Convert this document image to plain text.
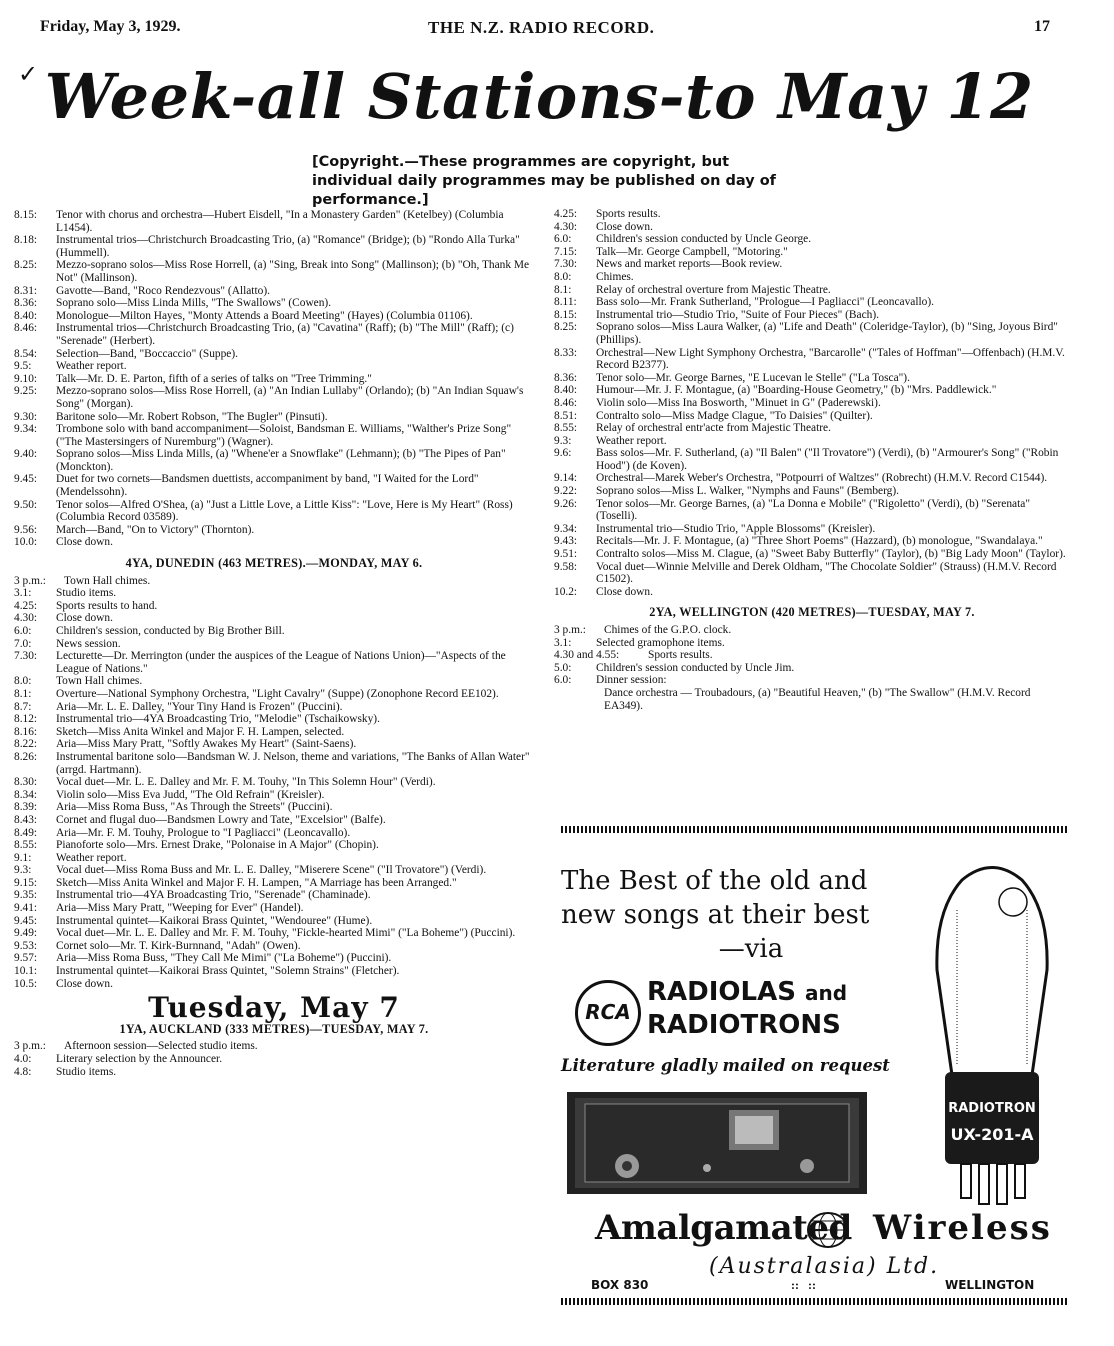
Friday, May 3, 1929.	THE N.Z. RADIO RECORD.	17
✓Week-all Stations-to May 12
[Copyright.—These programmes are copyright, but individual daily programmes may be published on day of performance.]
8.15: Tenor with chorus and orchestra—Hubert Eisdell, "In a Monastery Garden" (Ketelbey) (Columbia L1454).
8.18: Instrumental trios—Christchurch Broadcasting Trio, (a) "Romance" (Bridge); (b) "Rondo Alla Turka" (Hummell).
8.25: Mezzo-soprano solos—Miss Rose Horrell, (a) "Sing, Break into Song" (Mallinson); (b) "Oh, Thank Me Not" (Mallinson).
8.31: Gavotte—Band, "Roco Rendezvous" (Allatto).
8.36: Soprano solo—Miss Linda Mills, "The Swallows" (Cowen).
8.40: Monologue—Milton Hayes, "Monty Attends a Board Meeting" (Hayes) (Columbia 01106).
8.46: Instrumental trios—Christchurch Broadcasting Trio, (a) "Cavatina" (Raff); (b) "The Mill" (Raff); (c) "Serenade" (Herbert).
8.54: Selection—Band, "Boccaccio" (Suppe).
9.5: Weather report.
9.10: Talk—Mr. D. E. Parton, fifth of a series of talks on "Tree Trimming."
9.25: Mezzo-soprano solos—Miss Rose Horrell, (a) "An Indian Lullaby" (Orlando); (b) "An Indian Squaw's Song" (Morgan).
9.30: Baritone solo—Mr. Robert Robson, "The Bugler" (Pinsuti).
9.34: Trombone solo with band accompaniment—Soloist, Bandsman E. Williams, "Walther's Prize Song" ("The Mastersingers of Nuremburg") (Wagner).
9.40: Soprano solos—Miss Linda Mills, (a) "Whene'er a Snowflake" (Lehmann); (b) "The Pipes of Pan" (Monckton).
9.45: Duet for two cornets—Bandsmen duettists, accompaniment by band, "I Waited for the Lord" (Mendelssohn).
9.50: Tenor solos—Alfred O'Shea, (a) "Just a Little Love, a Little Kiss": "Love, Here is My Heart" (Ross) (Columbia Record 03589).
9.56: March—Band, "On to Victory" (Thornton).
10.0: Close down.
4YA, DUNEDIN (463 METRES).—MONDAY, MAY 6.
3 p.m.: Town Hall chimes.
3.1: Studio items.
4.25: Sports results to hand.
4.30: Close down.
6.0: Children's session, conducted by Big Brother Bill.
7.0: News session.
7.30: Lecturette—Dr. Merrington (under the auspices of the League of Nations Union)—"Aspects of the League of Nations."
8.0: Town Hall chimes.
8.1: Overture—National Symphony Orchestra, "Light Cavalry" (Suppe) (Zonophone Record EE102).
8.7: Aria—Mr. L. E. Dalley, "Your Tiny Hand is Frozen" (Puccini).
8.12: Instrumental trio—4YA Broadcasting Trio, "Melodie" (Tschaikowsky).
8.16: Sketch—Miss Anita Winkel and Major F. H. Lampen, selected.
8.22: Aria—Miss Mary Pratt, "Softly Awakes My Heart" (Saint-Saens).
8.26: Instrumental baritone solo—Bandsman W. J. Nelson, theme and variations, "The Banks of Allan Water" (arrgd. Hartmann).
8.30: Vocal duet—Mr. L. E. Dalley and Mr. F. M. Touhy, "In This Solemn Hour" (Verdi).
8.34: Violin solo—Miss Eva Judd, "The Old Refrain" (Kreisler).
8.39: Aria—Miss Roma Buss, "As Through the Streets" (Puccini).
8.43: Cornet and flugal duo—Bandsmen Lowry and Tate, "Excelsior" (Balfe).
8.49: Aria—Mr. F. M. Touhy, Prologue to "I Pagliacci" (Leoncavallo).
8.55: Pianoforte solo—Mrs. Ernest Drake, "Polonaise in A Major" (Chopin).
9.1: Weather report.
9.3: Vocal duet—Miss Roma Buss and Mr. L. E. Dalley, "Miserere Scene" ("Il Trovatore") (Verdi).
9.15: Sketch—Miss Anita Winkel and Major F. H. Lampen, "A Marriage has been Arranged."
9.35: Instrumental trio—4YA Broadcasting Trio, "Serenade" (Chaminade).
9.41: Aria—Miss Mary Pratt, "Weeping for Ever" (Handel).
9.45: Instrumental quintet—Kaikorai Brass Quintet, "Wendouree" (Hume).
9.49: Vocal duet—Mr. L. E. Dalley and Mr. F. M. Touhy, "Fickle-hearted Mimi" ("La Boheme") (Puccini).
9.53: Cornet solo—Mr. T. Kirk-Burnnand, "Adah" (Owen).
9.57: Aria—Miss Roma Buss, "They Call Me Mimi" ("La Boheme") (Puccini).
10.1: Instrumental quintet—Kaikorai Brass Quintet, "Solemn Strains" (Fletcher).
10.5: Close down.
Tuesday, May 7
1YA, AUCKLAND (333 METRES)—TUESDAY, MAY 7.
3 p.m.: Afternoon session—Selected studio items.
4.0: Literary selection by the Announcer.
4.8: Studio items.
4.25: Sports results.
4.30: Close down.
6.0: Children's session conducted by Uncle George.
7.15: Talk—Mr. George Campbell, "Motoring."
7.30: News and market reports—Book review.
8.0: Chimes.
8.1: Relay of orchestral overture from Majestic Theatre.
8.11: Bass solo—Mr. Frank Sutherland, "Prologue—I Pagliacci" (Leoncavallo).
8.15: Instrumental trio—Studio Trio, "Suite of Four Pieces" (Bach).
8.25: Soprano solos—Miss Laura Walker, (a) "Life and Death" (Coleridge-Taylor), (b) "Sing, Joyous Bird" (Phillips).
8.33: Orchestral—New Light Symphony Orchestra, "Barcarolle" ("Tales of Hoffman"—Offenbach) (H.M.V. Record B2377).
8.36: Tenor solo—Mr. George Barnes, "E Lucevan le Stelle" ("La Tosca").
8.40: Humour—Mr. J. F. Montague, (a) "Boarding-House Geometry," (b) "Mrs. Paddlewick."
8.46: Violin solo—Miss Ina Bosworth, "Minuet in G" (Paderewski).
8.51: Contralto solo—Miss Madge Clague, "To Daisies" (Quilter).
8.55: Relay of orchestral entr'acte from Majestic Theatre.
9.3: Weather report.
9.6: Bass solos—Mr. F. Sutherland, (a) "Il Balen" ("Il Trovatore") (Verdi), (b) "Armourer's Song" ("Robin Hood") (de Koven).
9.14: Orchestral—Marek Weber's Orchestra, "Potpourri of Waltzes" (Robrecht) (H.M.V. Record C1544).
9.22: Soprano solos—Miss L. Walker, "Nymphs and Fauns" (Bemberg).
9.26: Tenor solos—Mr. George Barnes, (a) "La Donna e Mobile" ("Rigoletto" (Verdi), (b) "Serenata" (Toselli).
9.34: Instrumental trio—Studio Trio, "Apple Blossoms" (Kreisler).
9.43: Recitals—Mr. J. F. Montague, (a) "Three Short Poems" (Hazzard), (b) monologue, "Swandalaya."
9.51: Contralto solos—Miss M. Clague, (a) "Sweet Baby Butterfly" (Taylor), (b) "Big Lady Moon" (Taylor).
9.58: Vocal duet—Winnie Melville and Derek Oldham, "The Chocolate Soldier" (Strauss) (H.M.V. Record C1502).
10.2: Close down.
2YA, WELLINGTON (420 METRES)—TUESDAY, MAY 7.
3 p.m.: Chimes of the G.P.O. clock.
3.1: Selected gramophone items.
4.30 and 4.55:	Sports results.
5.0: Children's session conducted by Uncle Jim.
6.0: Dinner session:
Dance orchestra — Troubadours, (a) "Beautiful Heaven," (b) "The Swallow" (H.M.V. Record EA349).
The Best of the old and
new songs at their best

—via
RCA
RADIOLAS and
RADIOTRONS
Literature gladly mailed on request
RADIOTRON
UX-201-A
Amalgamated Wireless
(Australasia) Ltd.
BOX 830	::   ::	WELLINGTON
